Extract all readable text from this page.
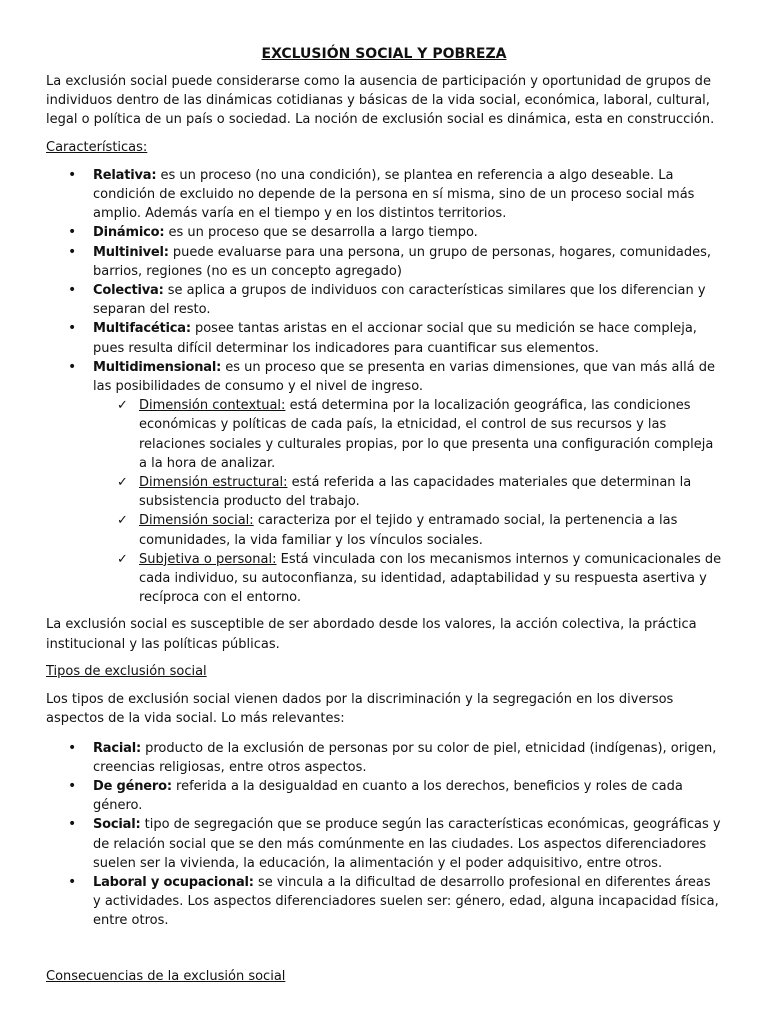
EXCLUSIÓN SOCIAL Y POBREZA

La exclusión social puede considerarse como la ausencia de participación y oportunidad de grupos de individuos dentro de las dinámicas cotidianas y básicas de la vida social, económica, laboral, cultural, legal o política de un país o sociedad. La noción de exclusión social es dinámica, esta en construcción.

Características:

• Relativa: es un proceso (no una condición), se plantea en referencia a algo deseable. La condición de excluido no depende de la persona en sí misma, sino de un proceso social más amplio. Además varía en el tiempo y en los distintos territorios.
• Dinámico: es un proceso que se desarrolla a largo tiempo.
• Multinivel: puede evaluarse para una persona, un grupo de personas, hogares, comunidades, barrios, regiones (no es un concepto agregado)
• Colectiva: se aplica a grupos de individuos con características similares que los diferencian y separan del resto.
• Multifacética: posee tantas aristas en el accionar social que su medición se hace compleja, pues resulta difícil determinar los indicadores para cuantificar sus elementos.
• Multidimensional: es un proceso que se presenta en varias dimensiones, que van más allá de las posibilidades de consumo y el nivel de ingreso.
✓ Dimensión contextual: está determina por la localización geográfica, las condiciones económicas y políticas de cada país, la etnicidad, el control de sus recursos y las relaciones sociales y culturales propias, por lo que presenta una configuración compleja a la hora de analizar.
✓ Dimensión estructural: está referida a las capacidades materiales que determinan la subsistencia producto del trabajo.
✓ Dimensión social: caracteriza por el tejido y entramado social, la pertenencia a las comunidades, la vida familiar y los vínculos sociales.
✓ Subjetiva o personal: Está vinculada con los mecanismos internos y comunicacionales de cada individuo, su autoconfianza, su identidad, adaptabilidad y su respuesta asertiva y recíproca con el entorno.

La exclusión social es susceptible de ser abordado desde los valores, la acción colectiva, la práctica institucional y las políticas públicas.

Tipos de exclusión social

Los tipos de exclusión social vienen dados por la discriminación y la segregación en los diversos aspectos de la vida social. Lo más relevantes:

• Racial: producto de la exclusión de personas por su color de piel, etnicidad (indígenas), origen, creencias religiosas, entre otros aspectos.
• De género: referida a la desigualdad en cuanto a los derechos, beneficios y roles de cada género.
• Social: tipo de segregación que se produce según las características económicas, geográficas y de relación social que se den más comúnmente en las ciudades. Los aspectos diferenciadores suelen ser la vivienda, la educación, la alimentación y el poder adquisitivo, entre otros.
• Laboral y ocupacional: se vincula a la dificultad de desarrollo profesional en diferentes áreas y actividades. Los aspectos diferenciadores suelen ser: género, edad, alguna incapacidad física, entre otros.

Consecuencias de la exclusión social
